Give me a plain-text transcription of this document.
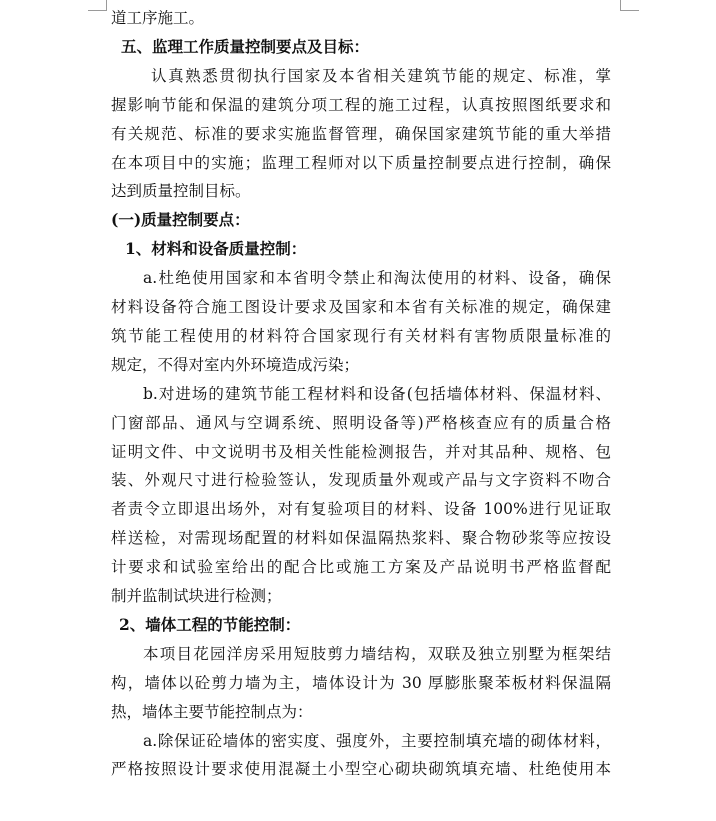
道工序施工。
五、监理工作质量控制要点及目标：
认真熟悉贯彻执行国家及本省相关建筑节能的规定、标准，掌
握影响节能和保温的建筑分项工程的施工过程，认真按照图纸要求和
有关规范、标准的要求实施监督管理，确保国家建筑节能的重大举措
在本项目中的实施；监理工程师对以下质量控制要点进行控制，确保
达到质量控制目标。
(一)质量控制要点：
1、材料和设备质量控制：
a.杜绝使用国家和本省明令禁止和淘汰使用的材料、设备，确保
材料设备符合施工图设计要求及国家和本省有关标准的规定，确保建
筑节能工程使用的材料符合国家现行有关材料有害物质限量标准的
规定，不得对室内外环境造成污染；
b.对进场的建筑节能工程材料和设备(包括墙体材料、保温材料、
门窗部品、通风与空调系统、照明设备等)严格核查应有的质量合格
证明文件、中文说明书及相关性能检测报告，并对其品种、规格、包
装、外观尺寸进行检验签认，发现质量外观或产品与文字资料不吻合
者责令立即退出场外，对有复验项目的材料、设备 100%进行见证取
样送检，对需现场配置的材料如保温隔热浆料、聚合物砂浆等应按设
计要求和试验室给出的配合比或施工方案及产品说明书严格监督配
制并监制试块进行检测；
2、墙体工程的节能控制：
本项目花园洋房采用短肢剪力墙结构，双联及独立别墅为框架结
构，墙体以砼剪力墙为主，墙体设计为 30 厚膨胀聚苯板材料保温隔
热，墙体主要节能控制点为：
a.除保证砼墙体的密实度、强度外，主要控制填充墙的砌体材料，
严格按照设计要求使用混凝土小型空心砌块砌筑填充墙、杜绝使用本
